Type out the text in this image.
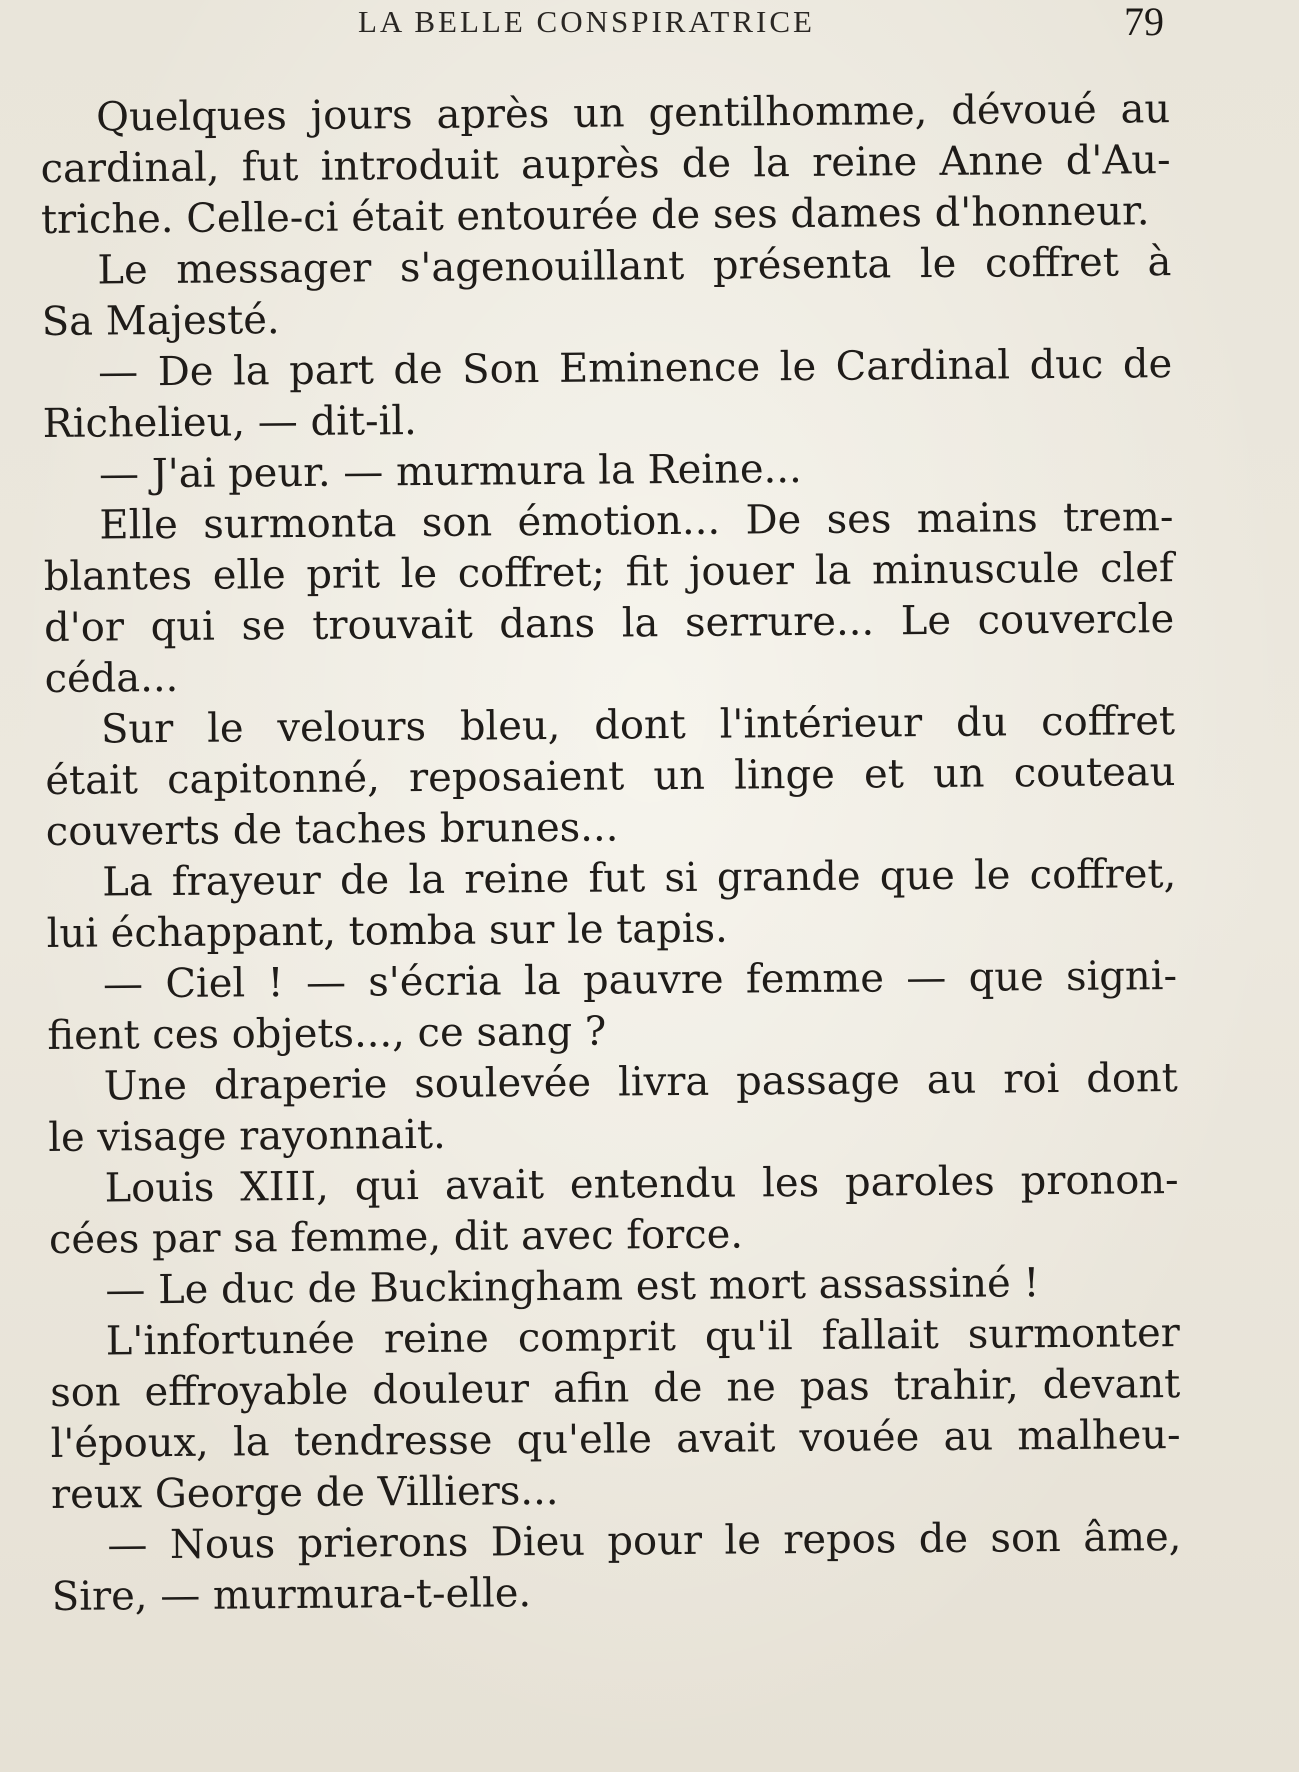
LA BELLE CONSPIRATRICE	79
Quelques jours après un gentilhomme, dévoué au
cardinal, fut introduit auprès de la reine Anne d'Au-
triche. Celle-ci était entourée de ses dames d'honneur.
Le messager s'agenouillant présenta le coffret à
Sa Majesté.
— De la part de Son Eminence le Cardinal duc de
Richelieu, — dit-il.
— J'ai peur. — murmura la Reine...
Elle surmonta son émotion... De ses mains trem-
blantes elle prit le coffret; fit jouer la minuscule clef
d'or qui se trouvait dans la serrure... Le couvercle
céda...
Sur le velours bleu, dont l'intérieur du coffret
était capitonné, reposaient un linge et un couteau
couverts de taches brunes...
La frayeur de la reine fut si grande que le coffret,
lui échappant, tomba sur le tapis.
— Ciel ! — s'écria la pauvre femme — que signi-
fient ces objets..., ce sang ?
Une draperie soulevée livra passage au roi dont
le visage rayonnait.
Louis XIII, qui avait entendu les paroles pronon-
cées par sa femme, dit avec force.
— Le duc de Buckingham est mort assassiné !
L'infortunée reine comprit qu'il fallait surmonter
son effroyable douleur afin de ne pas trahir, devant
l'époux, la tendresse qu'elle avait vouée au malheu-
reux George de Villiers...
— Nous prierons Dieu pour le repos de son âme,
Sire, — murmura-t-elle.
